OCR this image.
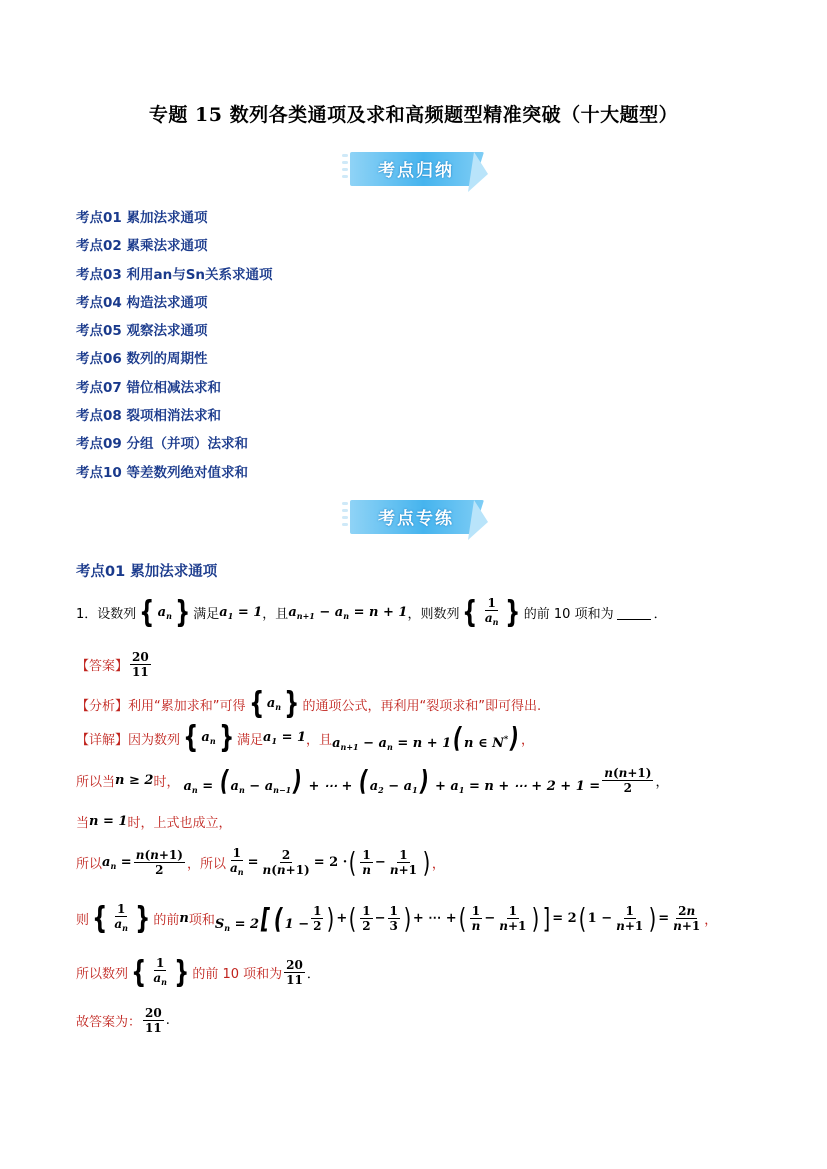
专题 15 数列各类通项及求和高频题型精准突破（十大题型）
考点归纳
考点01 累加法求通项
考点02 累乘法求通项
考点03 利用an与Sn关系求通项
考点04 构造法求通项
考点05 观察法求通项
考点06 数列的周期性
考点07 错位相减法求和
考点08 裂项相消法求和
考点09 分组（并项）法求和
考点10 等差数列绝对值求和
考点专练
考点01 累加法求通项
1．设数列 { $a_n$ } 满足 $a_1 = 1$ ，且 $a_{n+1} - a_n = n + 1$ ，则数列 { $\frac{1}{a_n}$ } 的前 10 项和为	．
【答案】 $\frac{20}{11}$
【分析】 利用“累加求和”可得 { $a_n$ } 的通项公式，再利用“裂项求和”即可得出.
【详解】 因为数列 { $a_n$ } 满足 $a_1 = 1$ ，且 $a_{n+1} - a_n = n + 1$( n ∈ N*) ，
所以当 n ≥ 2 时， $a_n$ = ( $a_n - a_{n-1}$) + ⋯ + ( $a_2 - a_1) + a_1 = n$ + ⋯ + $2 + 1 = \frac{n(n+1)}{2}$ ，
当 n = 1 时，上式也成立，
所以 $a_n = \frac{n(n+1)}{2}$ ，所以 $\frac{1}{a_n} = \frac{2}{n(n+1)} = 2$ · ( $\frac{1}{n} - \frac{1}{n+1}$ ) ，
则 { $\frac{1}{a_n}$ } 的前 n 项和 $S_n = 2$[ ( $1 - \frac{1}{2}$ ) + ( $\frac{1}{2} - \frac{1}{3}$ ) + ⋯ + ( $\frac{1}{n} - \frac{1}{n+1}$ ) ] = 2 ( $1 - \frac{1}{n+1}$ ) = $\frac{2n}{n+1}$ ，
所以数列 { $\frac{1}{a_n}$ } 的前 10 项和为 $\frac{20}{11}$ ．
故答案为： $\frac{20}{11}$ .
